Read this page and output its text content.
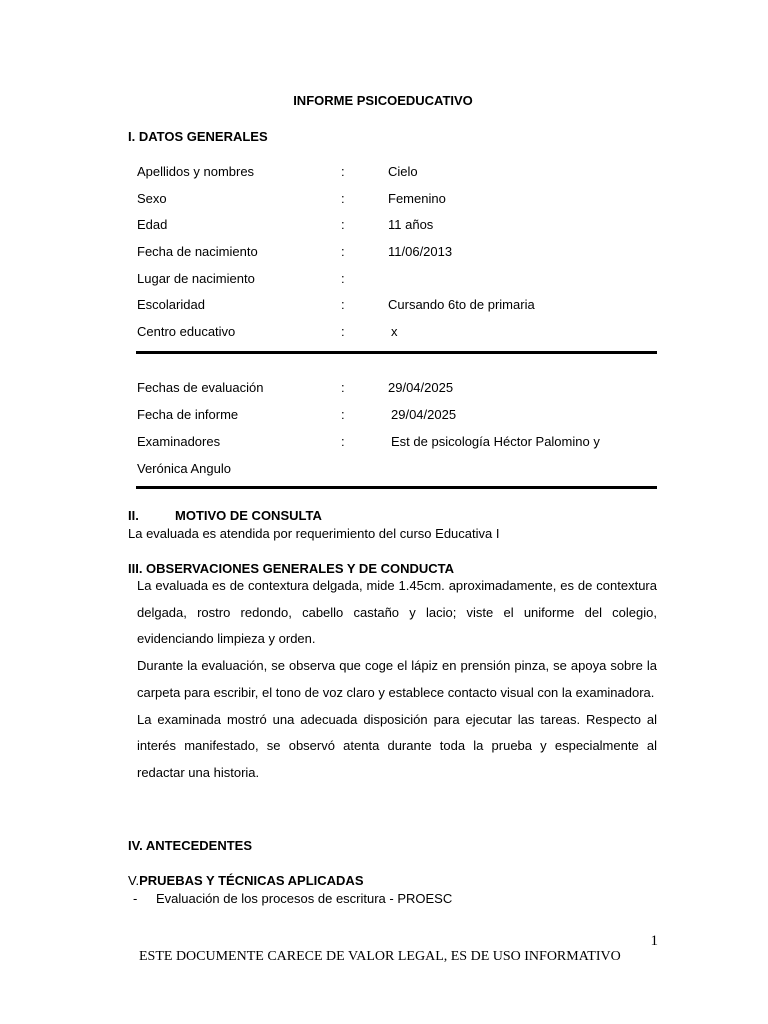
INFORME PSICOEDUCATIVO
I. DATOS GENERALES
Apellidos y nombres	:	Cielo
Sexo	:	Femenino
Edad	:	11 años
Fecha de nacimiento	:	11/06/2013
Lugar de nacimiento	:
Escolaridad	:	Cursando 6to de primaria
Centro educativo	:	x
Fechas de evaluación	:	29/04/2025
Fecha de informe	:	29/04/2025
Examinadores	:	Est de psicología Héctor Palomino y
Verónica Angulo
II.	MOTIVO DE CONSULTA
La evaluada es atendida por requerimiento del curso Educativa I
III. OBSERVACIONES GENERALES Y DE CONDUCTA

La evaluada es de contextura delgada, mide 1.45cm. aproximadamente, es de contextura delgada, rostro redondo, cabello castaño y lacio; viste el uniforme del colegio, evidenciando limpieza y orden.

Durante la evaluación, se observa que coge el lápiz en prensión pinza, se apoya sobre la carpeta para escribir, el tono de voz claro y establece contacto visual con la examinadora.

La examinada mostró una adecuada disposición para ejecutar las tareas. Respecto al interés manifestado, se observó atenta durante toda la prueba y especialmente al redactar una historia.

IV. ANTECEDENTES
V.PRUEBAS Y TÉCNICAS APLICADAS
- Evaluación de los procesos de escritura - PROESC
1
ESTE DOCUMENTE CARECE DE VALOR LEGAL, ES DE USO INFORMATIVO
